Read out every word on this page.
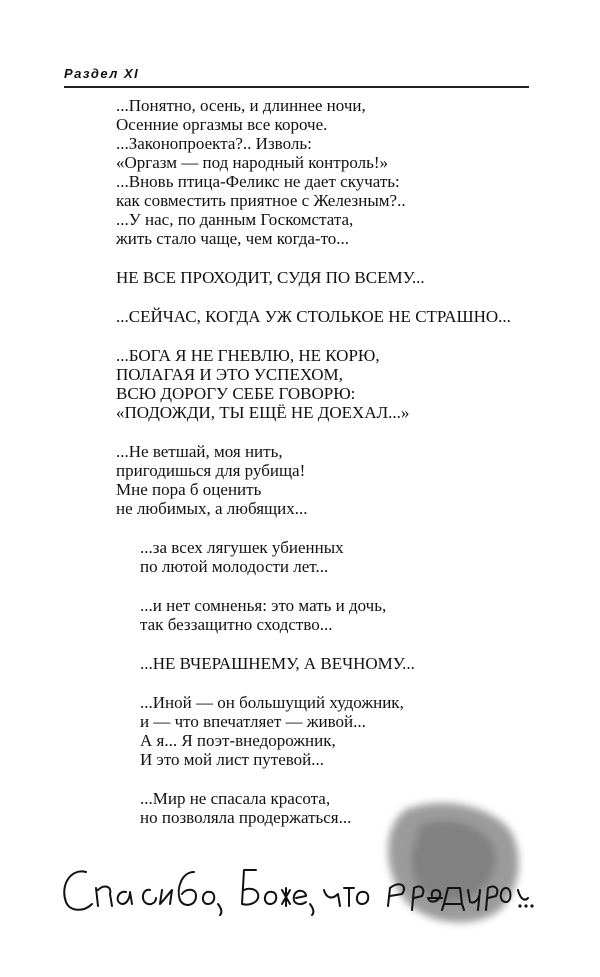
Раздел XI
...Понятно, осень, и длиннее ночи,
Осенние оргазмы все короче.
...Законопроекта?.. Изволь:
«Оргазм — под народный контроль!»
...Вновь птица-Феликс не дает скучать:
как совместить приятное с Железным?..
...У нас, по данным Госкомстата,
жить стало чаще, чем когда-то...
НЕ ВСЕ ПРОХОДИТ, СУДЯ ПО ВСЕМУ...
...СЕЙЧАС, КОГДА УЖ СТОЛЬКОЕ НЕ СТРАШНО...
...БОГА Я НЕ ГНЕВЛЮ, НЕ КОРЮ,
ПОЛАГАЯ И ЭТО УСПЕХОМ,
ВСЮ ДОРОГУ СЕБЕ ГОВОРЮ:
«ПОДОЖДИ, ТЫ ЕЩЁ НЕ ДОЕХАЛ...»
...Не ветшай, моя нить,
пригодишься для рубища!
Мне пора б оценить
не любимых, а любящих...
...за всех лягушек убиенных
по лютой молодости лет...
...и нет сомненья: это мать и дочь,
так беззащитно сходство...
...НЕ ВЧЕРАШНЕМУ, А ВЕЧНОМУ...
...Иной — он большущий художник,
и — что впечатляет — живой...
А я... Я поэт-внедорожник,
И это мой лист путевой...
...Мир не спасала красота,
но позволяла продержаться...
